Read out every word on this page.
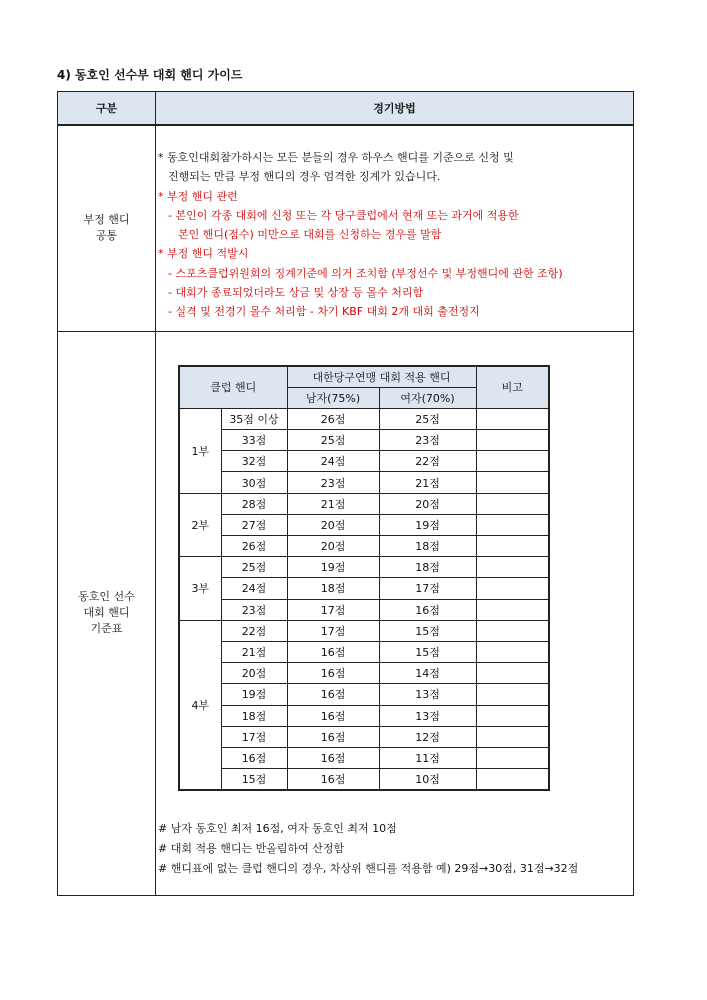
4) 동호인 선수부 대회 핸디 가이드
구분	경기방법

부정 핸디
공통

* 동호인대회참가하시는 모든 분들의 경우 하우스 핸디를 기준으로 신청 및
진행되는 만큼 부정 핸디의 경우 엄격한 징계가 있습니다.
* 부정 핸디 관련
- 본인이 각종 대회에 신청 또는 각 당구클럽에서 현재 또는 과거에 적용한
본인 핸디(점수) 미만으로 대회를 신청하는 경우를 말함
* 부정 핸디 적발시
- 스포츠클럽위원회의 징계기준에 의거 조치함 (부정선수 및 부정핸디에 관한 조항)
- 대회가 종료되었더라도 상금 및 상장 등 몰수 처리함
- 실격 및 전경기 몰수 처리함 - 차기 KBF 대회 2개 대회 출전정지

동호인 선수
대회 핸디
기준표

클럽 핸디	대한당구연맹 대회 적용 핸디	비고
남자(75%)	여자(70%)
1부	35점 이상	26점	25점	
33점	25점	23점	
32점	24점	22점	
30점	23점	21점	
2부	28점	21점	20점	
27점	20점	19점	
26점	20점	18점	
3부	25점	19점	18점	
24점	18점	17점	
23점	17점	16점	
4부	22점	17점	15점	
21점	16점	15점	
20점	16점	14점	
19점	16점	13점	
18점	16점	13점	
17점	16점	12점	
16점	16점	11점	
15점	16점	10점	
# 남자 동호인 최저 16점, 여자 동호인 최저 10점
# 대회 적용 핸디는 반올림하여 산정함
# 핸디표에 없는 클럽 핸디의 경우, 차상위 핸디를 적용함 예) 29점→30점, 31점→32점
